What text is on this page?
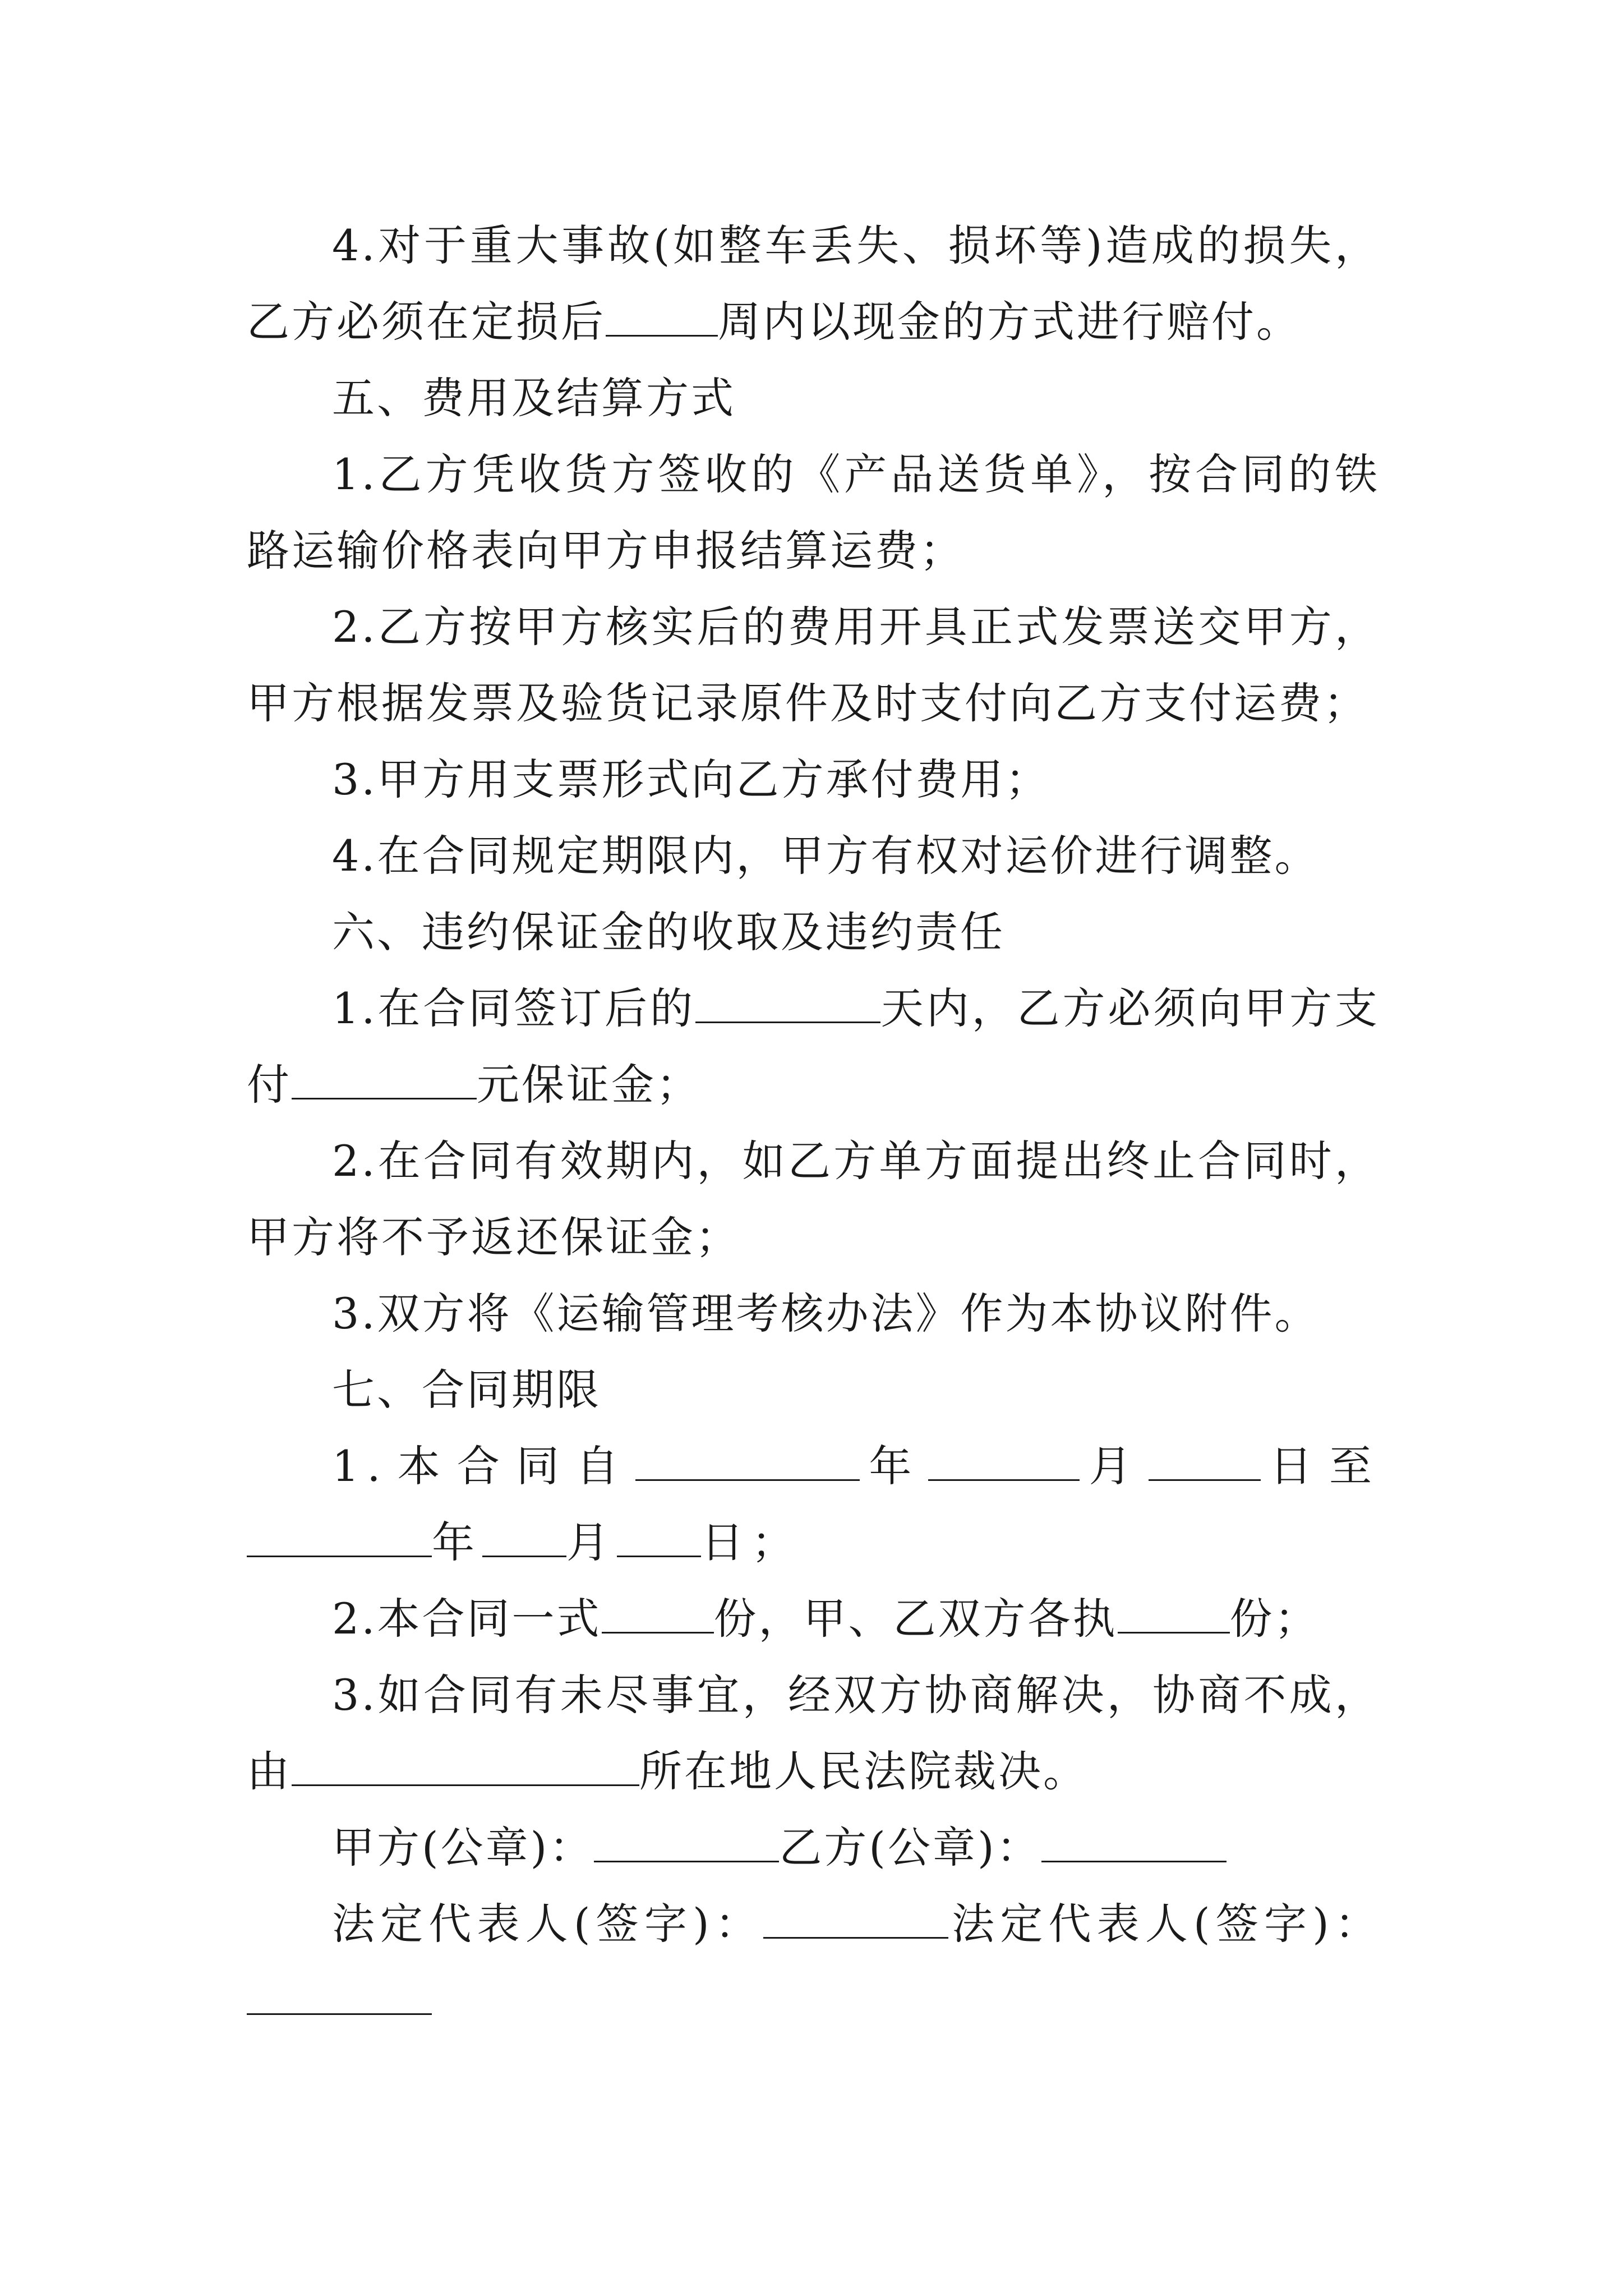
4.对于重大事故(如整车丢失、损坏等)造成的损失，乙方必须在定损后	周内以现金的方式进行赔付。

五、费用及结算方式

1.乙方凭收货方签收的《产品送货单》，按合同的铁路运输价格表向甲方申报结算运费；

2.乙方按甲方核实后的费用开具正式发票送交甲方，甲方根据发票及验货记录原件及时支付向乙方支付运费；

3.甲方用支票形式向乙方承付费用；

4.在合同规定期限内，甲方有权对运价进行调整。

六、违约保证金的收取及违约责任

1.在合同签订后的	天内，乙方必须向甲方支付	元保证金；

2.在合同有效期内，如乙方单方面提出终止合同时，甲方将不予返还保证金；

3.双方将《运输管理考核办法》作为本协议附件。

七、合同期限

1.本合同自	年	月	日至年 月 日；

2.本合同一式	份，甲、乙双方各执	份；

3.如合同有未尽事宜，经双方协商解决，协商不成，由	所在地人民法院裁决。

甲方(公章)：	乙方(公章)：

法定代表人(签字)：	法定代表人(签字)：
